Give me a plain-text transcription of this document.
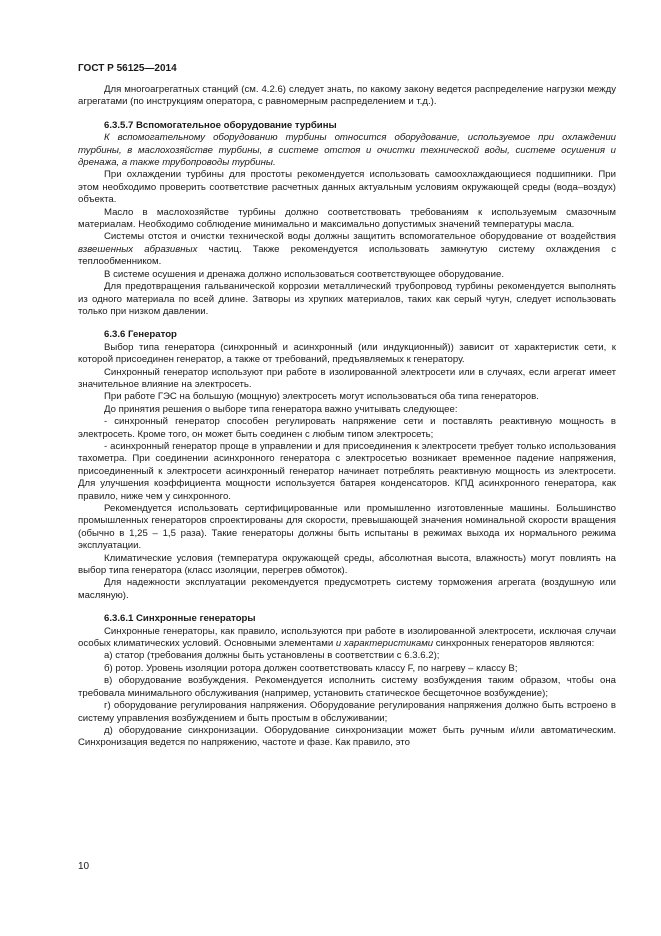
ГОСТ Р 56125—2014

Для многоагрегатных станций (см. 4.2.6) следует знать, по какому закону ведется распределение нагрузки между агрегатами (по инструкциям оператора, с равномерным распределением и т.д.).

6.3.5.7 Вспомогательное оборудование турбины

К вспомогательному оборудованию турбины относится оборудование, используемое при охлаждении турбины, в маслохозяйстве турбины, в системе отстоя и очистки технической воды, системе осушения и дренажа, а также трубопроводы турбины.

При охлаждении турбины для простоты рекомендуется использовать самоохлаждающиеся подшипники. При этом необходимо проверить соответствие расчетных данных актуальным условиям окружающей среды (вода–воздух) объекта.

Масло в маслохозяйстве турбины должно соответствовать требованиям к используемым смазочным материалам. Необходимо соблюдение минимально и максимально допустимых значений температуры масла.

Системы отстоя и очистки технической воды должны защитить вспомогательное оборудование от воздействия взвешенных абразивных частиц. Также рекомендуется использовать замкнутую систему охлаждения с теплообменником.

В системе осушения и дренажа должно использоваться соответствующее оборудование.

Для предотвращения гальванической коррозии металлический трубопровод турбины рекомендуется выполнять из одного материала по всей длине. Затворы из хрупких материалов, таких как серый чугун, следует использовать только при низком давлении.

6.3.6 Генератор

Выбор типа генератора (синхронный и асинхронный (или индукционный)) зависит от характеристик сети, к которой присоединен генератор, а также от требований, предъявляемых к генератору.

Синхронный генератор используют при работе в изолированной электросети или в случаях, если агрегат имеет значительное влияние на электросеть.

При работе ГЭС на большую (мощную) электросеть могут использоваться оба типа генераторов.

До принятия решения о выборе типа генератора важно учитывать следующее:

- синхронный генератор способен регулировать напряжение сети и поставлять реактивную мощность в электросеть. Кроме того, он может быть соединен с любым типом электросеть;

- асинхронный генератор проще в управлении и для присоединения к электросети требует только использования тахометра. При соединении асинхронного генератора с электросетью возникает временное падение напряжения, присоединенный к электросети асинхронный генератор начинает потреблять реактивную мощность из электросети. Для улучшения коэффициента мощности используется батарея конденсаторов. КПД асинхронного генератора, как правило, ниже чем у синхронного.

Рекомендуется использовать сертифицированные или промышленно изготовленные машины. Большинство промышленных генераторов спроектированы для скорости, превышающей значения номинальной скорости вращения (обычно в 1,25 – 1,5 раза). Такие генераторы должны быть испытаны в режимах выхода их нормального режима эксплуатации.

Климатические условия (температура окружающей среды, абсолютная высота, влажность) могут повлиять на выбор типа генератора (класс изоляции, перегрев обмоток).

Для надежности эксплуатации рекомендуется предусмотреть систему торможения агрегата (воздушную или масляную).

6.3.6.1 Синхронные генераторы

Синхронные генераторы, как правило, используются при работе в изолированной электросети, исключая случаи особых климатических условий. Основными элементами и характеристиками синхронных генераторов являются:

а) статор (требования должны быть установлены в соответствии с 6.3.6.2);

б) ротор. Уровень изоляции ротора должен соответствовать классу F, по нагреву – классу B;

в) оборудование возбуждения. Рекомендуется исполнить систему возбуждения таким образом, чтобы она требовала минимального обслуживания (например, установить статическое бесщеточное возбуждение);

г) оборудование регулирования напряжения. Оборудование регулирования напряжения должно быть встроено в систему управления возбуждением и быть простым в обслуживании;

д) оборудование синхронизации. Оборудование синхронизации может быть ручным и/или автоматическим. Синхронизация ведется по напряжению, частоте и фазе. Как правило, это

10
